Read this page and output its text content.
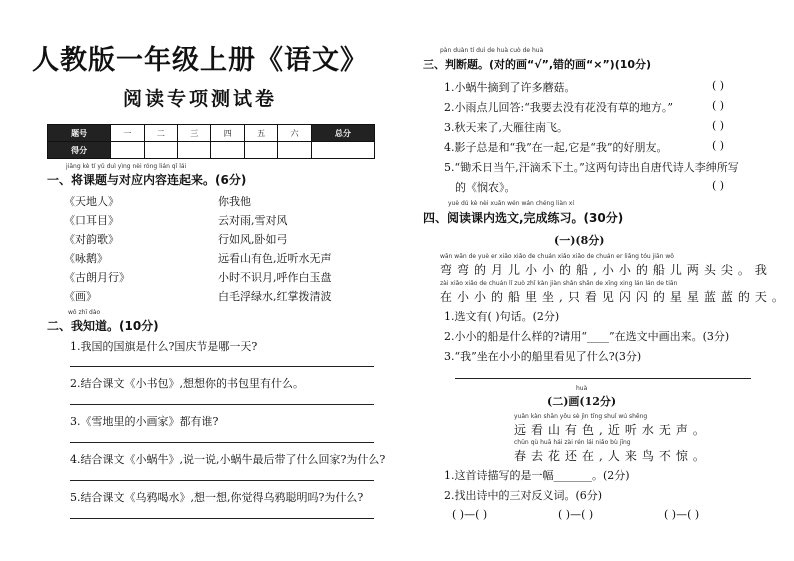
人教版一年级上册《语文》
阅读专项测试卷
题号	一	二	三	四	五	六	总分
得分							
jiāng kè tí yǔ duì yìng nèi róng lián qǐ lái
一、将课题与对应内容连起来。(6分)
《天地人》
《口耳目》
《对韵歌》
《咏鹅》
《古朗月行》
《画》
你我他
云对雨,雪对风
行如风,卧如弓
远看山有色,近听水无声
小时不识月,呼作白玉盘
白毛浮绿水,红掌拨清波
wǒ zhī dào
二、我知道。(10分)
1.我国的国旗是什么?国庆节是哪一天?
2.结合课文《小书包》,想想你的书包里有什么。
3.《雪地里的小画家》都有谁?
4.结合课文《小蜗牛》,说一说,小蜗牛最后带了什么回家?为什么?
5.结合课文《乌鸦喝水》,想一想,你觉得乌鸦聪明吗?为什么?
pàn duàn tí duì de huà cuò de huà
三、判断题。(对的画“√”,错的画“×”)(10分)
1.小蜗牛摘到了许多蘑菇。	( )
2.小雨点儿回答:“我要去没有花没有草的地方。”	( )
3.秋天来了,大雁往南飞。	( )
4.影子总是和“我”在一起,它是“我”的好朋友。	( )
5.“锄禾日当午,汗滴禾下土。”这两句诗出自唐代诗人李绅所写
的《悯农》。	( )
yuè dú kè nèi xuǎn wén wán chéng liàn xí
四、阅读课内选文,完成练习。(30分)
(一)(8分)
wān wān de yuè er xiǎo xiǎo de chuán xiǎo xiǎo de chuán er liǎng tóu jiān wǒ
弯弯的月儿小小的船,小小的船儿两头尖。我
zài xiǎo xiǎo de chuán lǐ zuò zhǐ kàn jiàn shǎn shǎn de xīng xing lán lán de tiān
在小小的船里坐,只看见闪闪的星星蓝蓝的天。
1.选文有( )句话。(2分)
2.小小的船是什么样的?请用“____”在选文中画出来。(3分)
3.“我”坐在小小的船里看见了什么?(3分)
huà
(二)画(12分)
yuǎn kàn shān yǒu sè jìn tīng shuǐ wú shēng
远看山有色,近听水无声。
chūn qù huā hái zài rén lái niǎo bù jīng
春去花还在,人来鸟不惊。
1.这首诗描写的是一幅_______。(2分)
2.找出诗中的三对反义词。(6分)
( )—( )	( )—( )	( )—( )
